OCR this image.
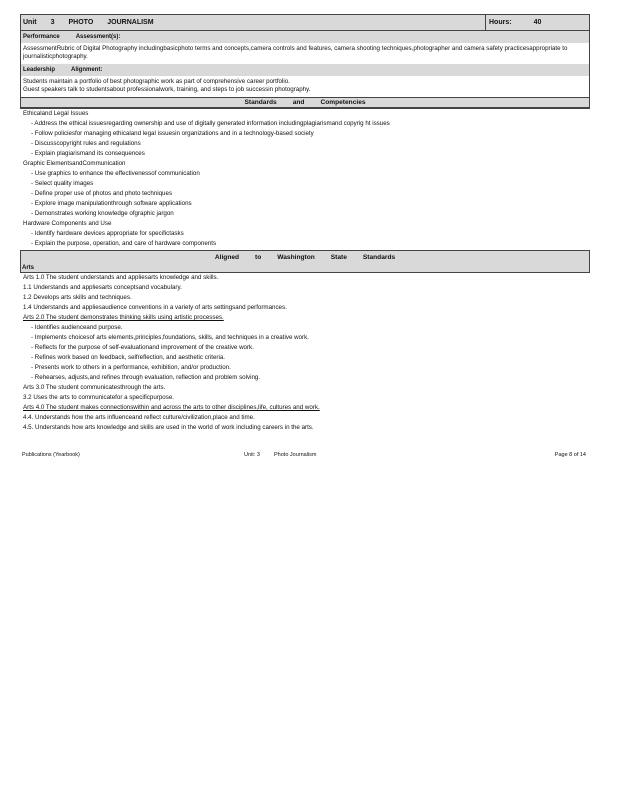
Unit 3 PHOTO JOURNALISM	Hours:	40
Performance	Assessment(s):
AssessmentRubric of Digital Photography includingbasicphoto terms and concepts,camera controls and features, camera shooting techniques,photographer and camera safety practicesappropriate to journalisticphotography.
Leadership	Alignment:
Students maintain a portfolio of best photographic work as part of comprehensive career portfolio.
Guest speakers talk to studentsabout professionalwork, training, and steps to job successin photography.
Standards and Competencies
Ethicaland Legal Issues
- Address the ethical issuesregarding ownership and use of digitally generated information includingplagiarismand copyrig ht issues
- Follow policiesfor managing ethicaland legal issuesin organizations and in a technology-based society
- Discusscopyright rules and regulations
- Explain plagiarismand its consequences
Graphic ElementsandCommunication
- Use graphics to enhance the effectivenessof communication
- Select quality images
- Define proper use of photos and photo techniques
- Explore image manipulationthrough software applications
- Demonstrates working knowledge ofgraphic jargon
Hardware Components and Use
- Identify hardware devices appropriate for specifictasks
- Explain the purpose, operation, and care of hardware components
Aligned to Washington State Standards
Arts
Arts 1.0 The student understands and appliesarts knowledge and skills.
1.1 Understands and appliesarts conceptsand vocabulary.
1.2 Develops arts skills and techniques.
1.4 Understands and appliesaudience conventions in a variety of arts settingsand performances.
Arts 2.0 The student demonstrates thinking skills using artistic processes.
- Identifies audienceand purpose.
- Implements choicesof arts elements,principles,foundations, skills, and techniques in a creative work.
- Reflects for the purpose of self-evaluationand improvement of the creative work.
- Refines work based on feedback, selfreflection, and aesthetic criteria.
- Presents work to others in a performance, exhibition, and/or production.
- Rehearses, adjusts,and refines through evaluation, reflection and problem solving.
Arts 3.0 The student communicatesthrough the arts.
3.2 Uses the arts to communicatefor a specificpurpose.
Arts 4.0 The student makes connectionswithin and across the arts to other disciplines,life, cultures and work.
4.4. Understands how the arts influenceand reflect culture/civilization,place and time.
4.5. Understands how arts knowledge and skills are used in the world of work including careers in the arts.
Publications (Yearbook)	Unit: 3	Photo Journalism	Page 8 of 14
